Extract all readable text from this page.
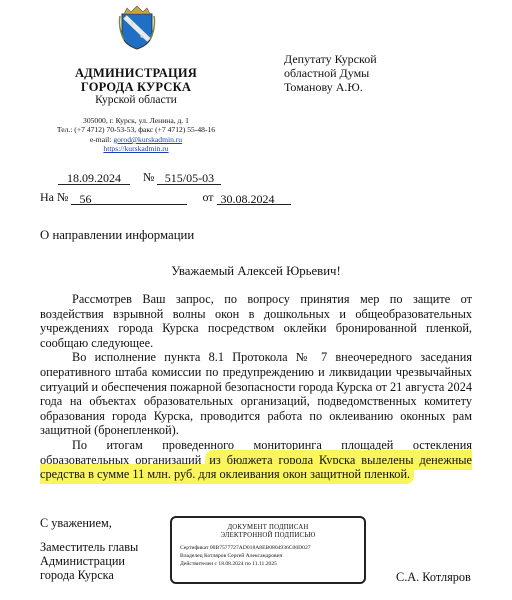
АДМИНИСТРАЦИЯ
ГОРОДА КУРСКА
Курской области
305000, г. Курск, ул. Ленина, д. 1
Тел.: (+7 4712) 70-53-53, факс (+7 4712) 55-48-16
e-mail: gorod@kurskadmin.ru
https://kurskadmin.ru
Депутату Курской
областной Думы
Томанову А.Ю.
18.09.2024 № 515/05-03
На № 56	от 30.08.2024
О направлении информации
Уважаемый Алексей Юрьевич!

Рассмотрев Ваш запрос, по вопросу принятия мер по защите от воздействия взрывной волны окон в дошкольных и общеобразовательных учреждениях города Курска посредством оклейки бронированной пленкой, сообщаю следующее.

Во исполнение пункта 8.1 Протокола № 7 внеочередного заседания оперативного штаба комиссии по предупреждению и ликвидации чрезвычайных ситуаций и обеспечения пожарной безопасности города Курска от 21 августа 2024 года на объектах образовательных организаций, подведомственных комитету образования города Курска, проводится работа по оклеиванию оконных рам защитной (бронепленкой).

По итогам проведенного мониторинга площадей остекления образовательных организаций из бюджета города Курска выделены денежные средства в сумме 11 млн. руб. для оклеивания окон защитной пленкой.

С уважением,
Заместитель главы
Администрации
города Курска
ДОКУМЕНТ ПОДПИСАН
ЭЛЕКТРОННОЙ ПОДПИСЬЮ
Сертификат 00B7577727AD018A8EB0804936C00D027
Владелец Котляров Сергей Александрович
Действителен с 18.08.2024 по 11.11.2025
С.А. Котляров
